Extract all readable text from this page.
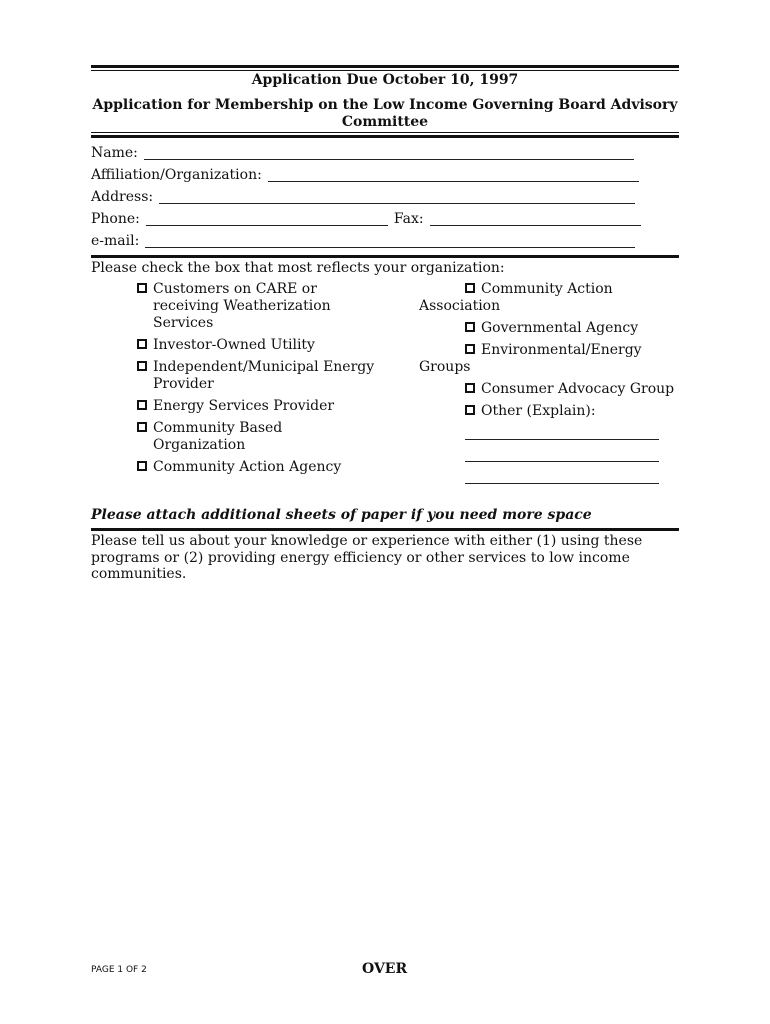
Application Due October 10, 1997
Application for Membership on the Low Income Governing Board Advisory Committee
Name:
Affiliation/Organization:
Address:
Phone:	Fax:
e-mail:
Please check the box that most reflects your organization:
Customers on CARE or
receiving Weatherization
Services
Investor-Owned Utility
Independent/Municipal Energy
Provider
Energy Services Provider
Community Based
Organization
Community Action Agency
Community Action
Association
Governmental Agency
Environmental/Energy
Groups
Consumer Advocacy Group
Other (Explain):
Please attach additional sheets of paper if you need more space
Please tell us about your knowledge or experience with either (1) using these programs or (2) providing energy efficiency or other services to low income communities.
PAGE 1 OF 2	OVER
